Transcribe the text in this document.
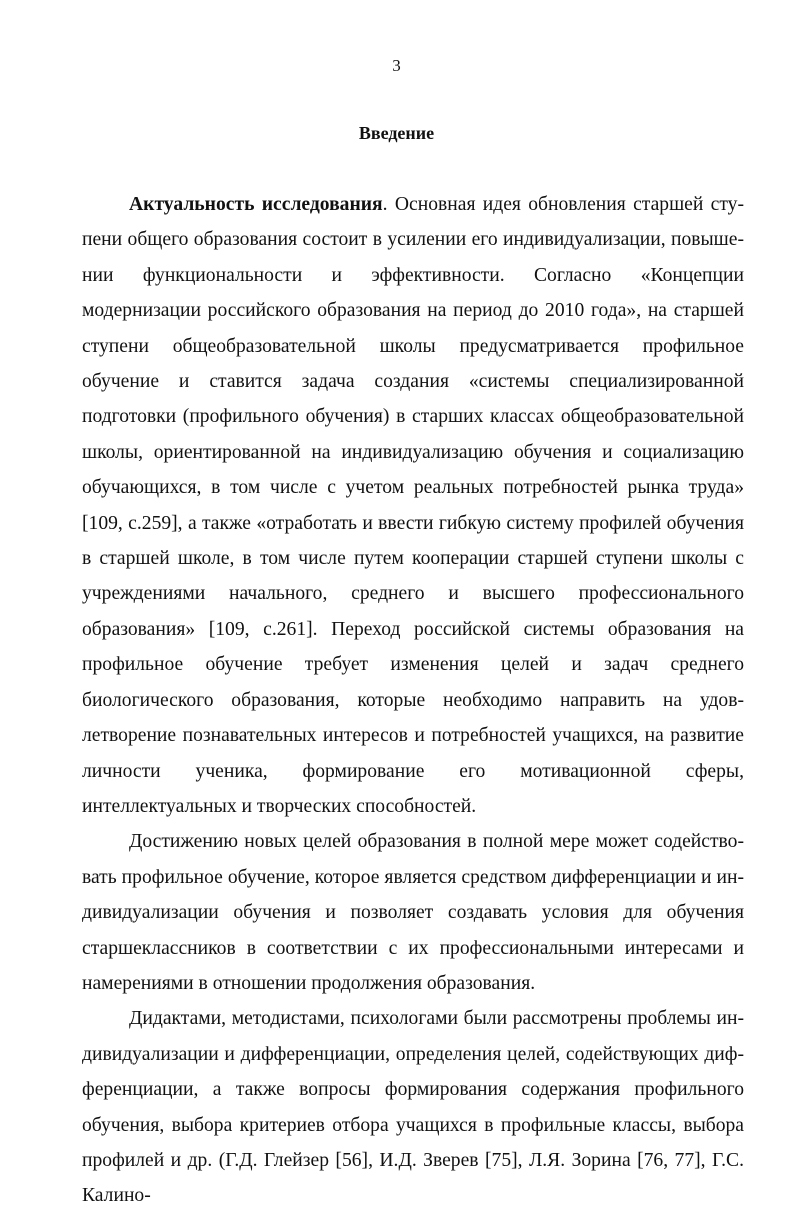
3
Введение

Актуальность исследования. Основная идея обновления старшей ступени общего образования состоит в усилении его индивидуализации, повышении функциональности и эффективности. Согласно «Концепции модернизации российского образования на период до 2010 года», на старшей ступени общеобразовательной школы предусматривается профильное обучение и ставится задача создания «системы специализированной подготовки (профильного обучения) в старших классах общеобразовательной школы, ориентированной на индивидуализацию обучения и социализацию обучающихся, в том числе с учетом реальных потребностей рынка труда» [109, с.259], а также «отработать и ввести гибкую систему профилей обучения в старшей школе, в том числе путем кооперации старшей ступени школы с учреждениями начального, среднего и высшего профессионального образования» [109, с.261]. Переход российской системы образования на профильное обучение требует изменения целей и задач среднего биологического образования, которые необходимо направить на удовлетворение познавательных интересов и потребностей учащихся, на развитие личности ученика, формирование его мотивационной сферы, интеллектуальных и творческих способностей.

Достижению новых целей образования в полной мере может содействовать профильное обучение, которое является средством дифференциации и индивидуализации обучения и позволяет создавать условия для обучения старшеклассников в соответствии с их профессиональными интересами и намерениями в отношении продолжения образования.

Дидактами, методистами, психологами были рассмотрены проблемы индивидуализации и дифференциации, определения целей, содействующих дифференциации, а также вопросы формирования содержания профильного обучения, выбора критериев отбора учащихся в профильные классы, выбора профилей и др. (Г.Д. Глейзер [56], И.Д. Зверев [75], Л.Я. Зорина [76, 77], Г.С. Калино-
